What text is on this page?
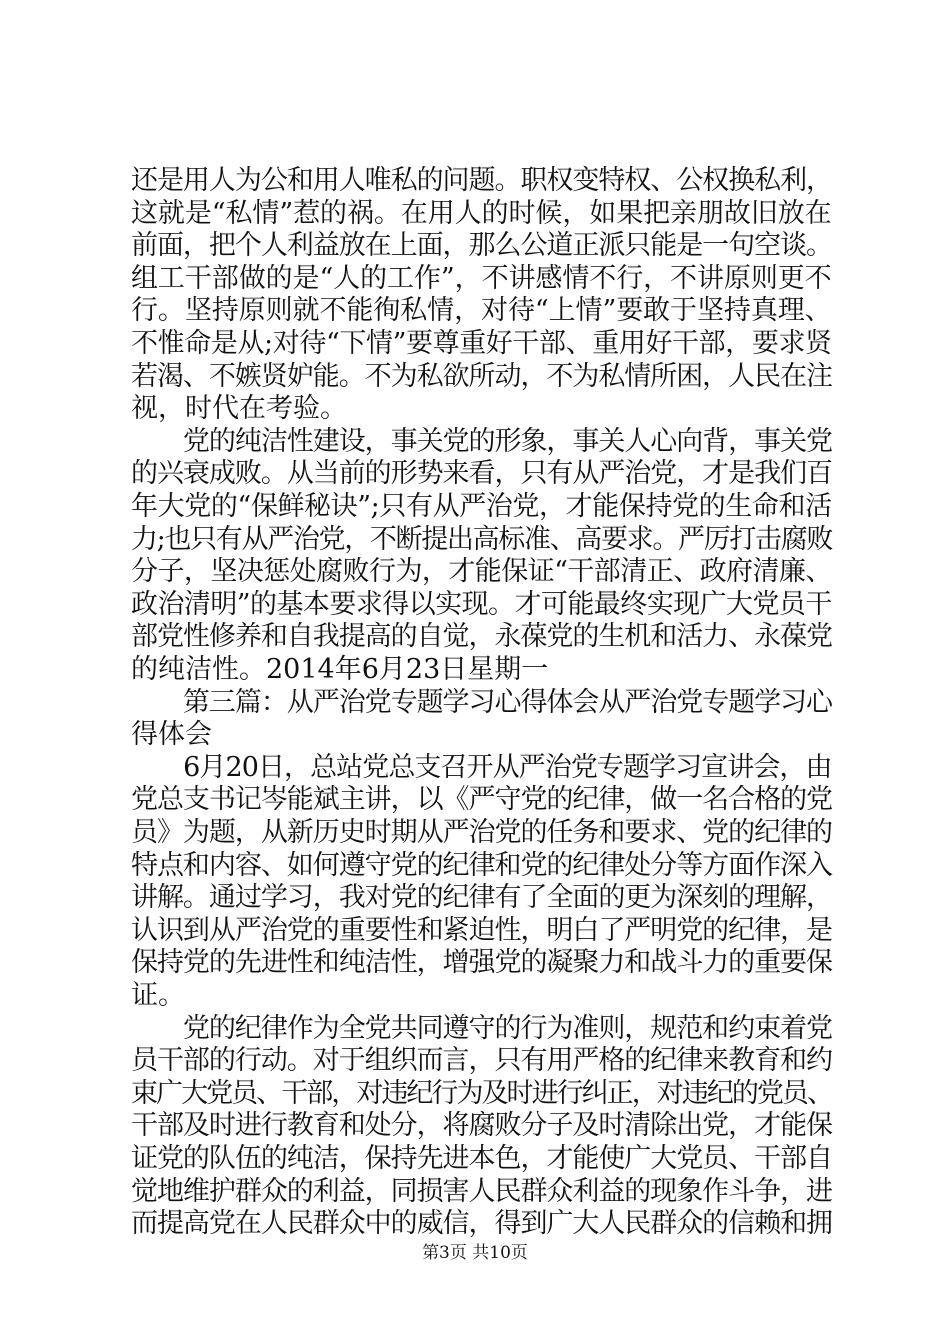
还是用人为公和用人唯私的问题。职权变特权、公权换私利，
这就是“私情”惹的祸。在用人的时候，如果把亲朋故旧放在
前面，把个人利益放在上面，那么公道正派只能是一句空谈。
组工干部做的是“人的工作”，不讲感情不行，不讲原则更不
行。坚持原则就不能徇私情，对待“上情”要敢于坚持真理、
不惟命是从;对待“下情”要尊重好干部、重用好干部，要求贤
若渴、不嫉贤妒能。不为私欲所动，不为私情所困，人民在注
视，时代在考验。
　　党的纯洁性建设，事关党的形象，事关人心向背，事关党
的兴衰成败。从当前的形势来看，只有从严治党，才是我们百
年大党的“保鲜秘诀”;只有从严治党，才能保持党的生命和活
力;也只有从严治党，不断提出高标准、高要求。严厉打击腐败
分子，坚决惩处腐败行为，才能保证“干部清正、政府清廉、
政治清明”的基本要求得以实现。才可能最终实现广大党员干
部党性修养和自我提高的自觉，永葆党的生机和活力、永葆党
的纯洁性。2014年6月23日星期一
　　第三篇：从严治党专题学习心得体会从严治党专题学习心
得体会
　　6月20日，总站党总支召开从严治党专题学习宣讲会，由
党总支书记岑能斌主讲，以《严守党的纪律，做一名合格的党
员》为题，从新历史时期从严治党的任务和要求、党的纪律的
特点和内容、如何遵守党的纪律和党的纪律处分等方面作深入
讲解。通过学习，我对党的纪律有了全面的更为深刻的理解，
认识到从严治党的重要性和紧迫性，明白了严明党的纪律，是
保持党的先进性和纯洁性，增强党的凝聚力和战斗力的重要保
证。
　　党的纪律作为全党共同遵守的行为准则，规范和约束着党
员干部的行动。对于组织而言，只有用严格的纪律来教育和约
束广大党员、干部，对违纪行为及时进行纠正，对违纪的党员、
干部及时进行教育和处分，将腐败分子及时清除出党，才能保
证党的队伍的纯洁，保持先进本色，才能使广大党员、干部自
觉地维护群众的利益，同损害人民群众利益的现象作斗争，进
而提高党在人民群众中的威信，得到广大人民群众的信赖和拥
第3页 共10页
